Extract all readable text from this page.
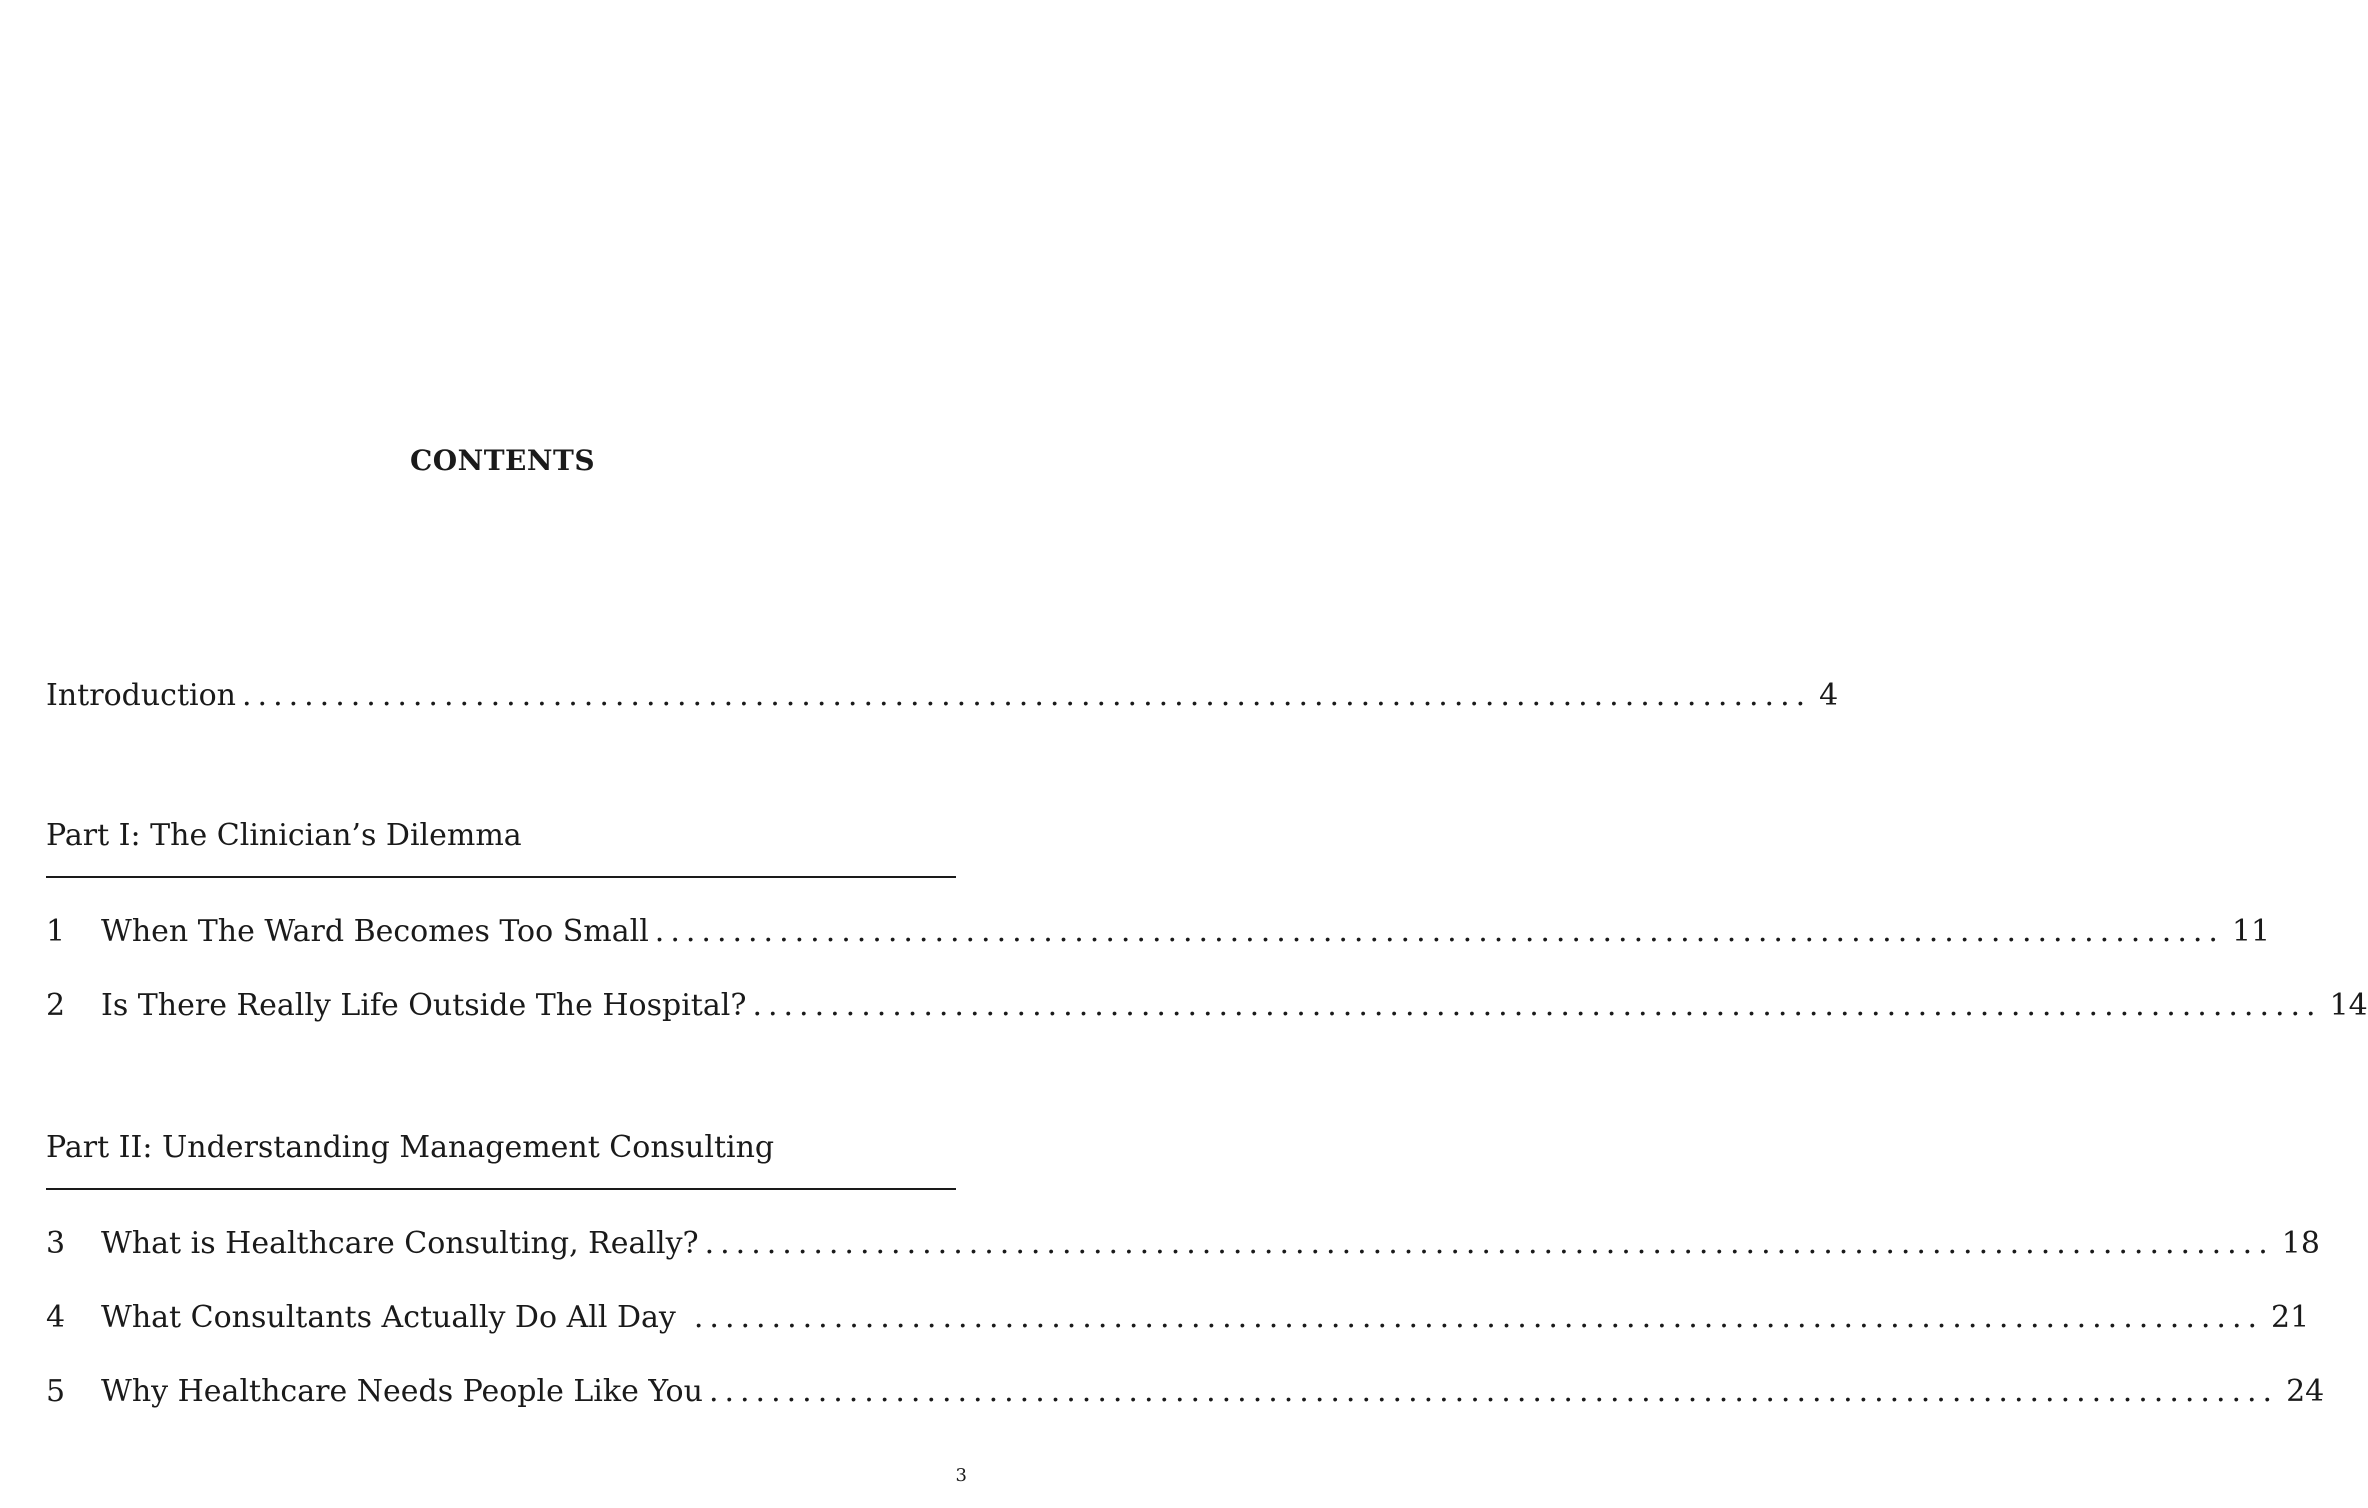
CONTENTS
Introduction ..................................................................................................... 4
Part I: The Clinician’s Dilemma
1	When The Ward Becomes Too Small ..................................................................................................... 11
2	Is There Really Life Outside The Hospital? ..................................................................................................... 14
Part II: Understanding Management Consulting
3	What is Healthcare Consulting, Really? ..................................................................................................... 18
4	What Consultants Actually Do All Day ..................................................................................................... 21
5	Why Healthcare Needs People Like You ..................................................................................................... 24
3
